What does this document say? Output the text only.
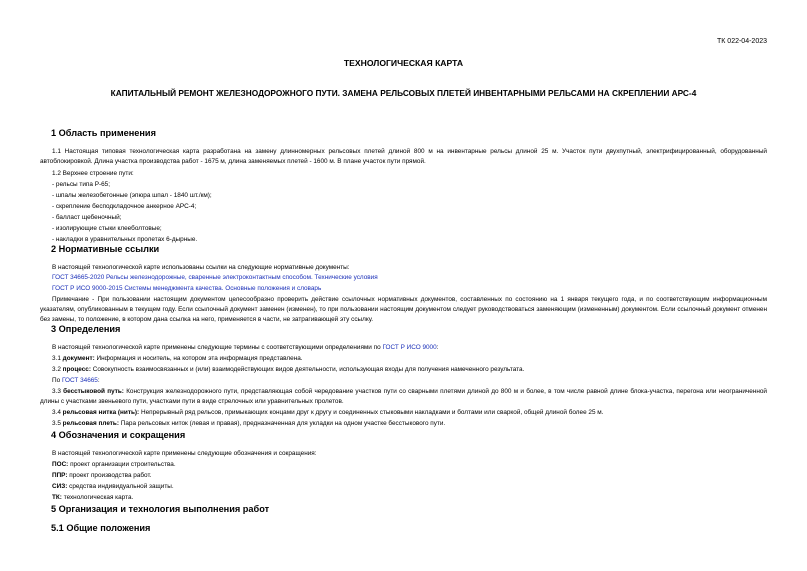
ТК 022-04-2023
ТЕХНОЛОГИЧЕСКАЯ КАРТА
КАПИТАЛЬНЫЙ РЕМОНТ ЖЕЛЕЗНОДОРОЖНОГО ПУТИ. ЗАМЕНА РЕЛЬСОВЫХ ПЛЕТЕЙ ИНВЕНТАРНЫМИ РЕЛЬСАМИ НА СКРЕПЛЕНИИ АРС-4
1 Область применения
1.1 Настоящая типовая технологическая карта разработана на замену длинномерных рельсовых плетей длиной 800 м на инвентарные рельсы длиной 25 м. Участок пути двухпутный, электрифицированный, оборудованный автоблокировкой. Длина участка производства работ - 1675 м, длина заменяемых плетей - 1600 м. В плане участок пути прямой.
1.2 Верхнее строение пути:
- рельсы типа Р-65;
- шпалы железобетонные (эпюра шпал - 1840 шт./км);
- скрепление бесподкладочное анкерное АРС-4;
- балласт щебеночный;
- изолирующие стыки клееболтовые;
- накладки в уравнительных пролетах 6-дырные.
2 Нормативные ссылки
В настоящей технологической карте использованы ссылки на следующие нормативные документы:
ГОСТ 34665-2020 Рельсы железнодорожные, сваренные электроконтактным способом. Технические условия
ГОСТ Р ИСО 9000-2015 Системы менеджмента качества. Основные положения и словарь
Примечание - При пользовании настоящим документом целесообразно проверить действие ссылочных нормативных документов, составленных по состоянию на 1 января текущего года, и по соответствующим информационным указателям, опубликованным в текущем году. Если ссылочный документ заменен (изменен), то при пользовании настоящим документом следует руководствоваться заменяющим (измененным) документом. Если ссылочный документ отменен без замены, то положение, в котором дана ссылка на него, применяется в части, не затрагивающей эту ссылку.
3 Определения
В настоящей технологической карте применены следующие термины с соответствующими определениями по ГОСТ Р ИСО 9000:
3.1 документ: Информация и носитель, на котором эта информация представлена.
3.2 процесс: Совокупность взаимосвязанных и (или) взаимодействующих видов деятельности, использующая входы для получения намеченного результата.
По ГОСТ 34665:
3.3 бесстыковой путь: Конструкция железнодорожного пути, представляющая собой чередование участков пути со сварными плетями длиной до 800 м и более, в том числе равной длине блока-участка, перегона или неограниченной длины с участками звеньевого пути, участками пути в виде стрелочных или уравнительных пролетов.
3.4 рельсовая нитка (нить): Непрерывный ряд рельсов, примыкающих концами друг к другу и соединенных стыковыми накладками и болтами или сваркой, общей длиной более 25 м.
3.5 рельсовая плеть: Пара рельсовых ниток (левая и правая), предназначенная для укладки на одном участке бесстыкового пути.
4 Обозначения и сокращения
В настоящей технологической карте применены следующие обозначения и сокращения:
ПОС: проект организации строительства.
ППР: проект производства работ.
СИЗ: средства индивидуальной защиты.
ТК: технологическая карта.
5 Организация и технология выполнения работ
5.1 Общие положения
